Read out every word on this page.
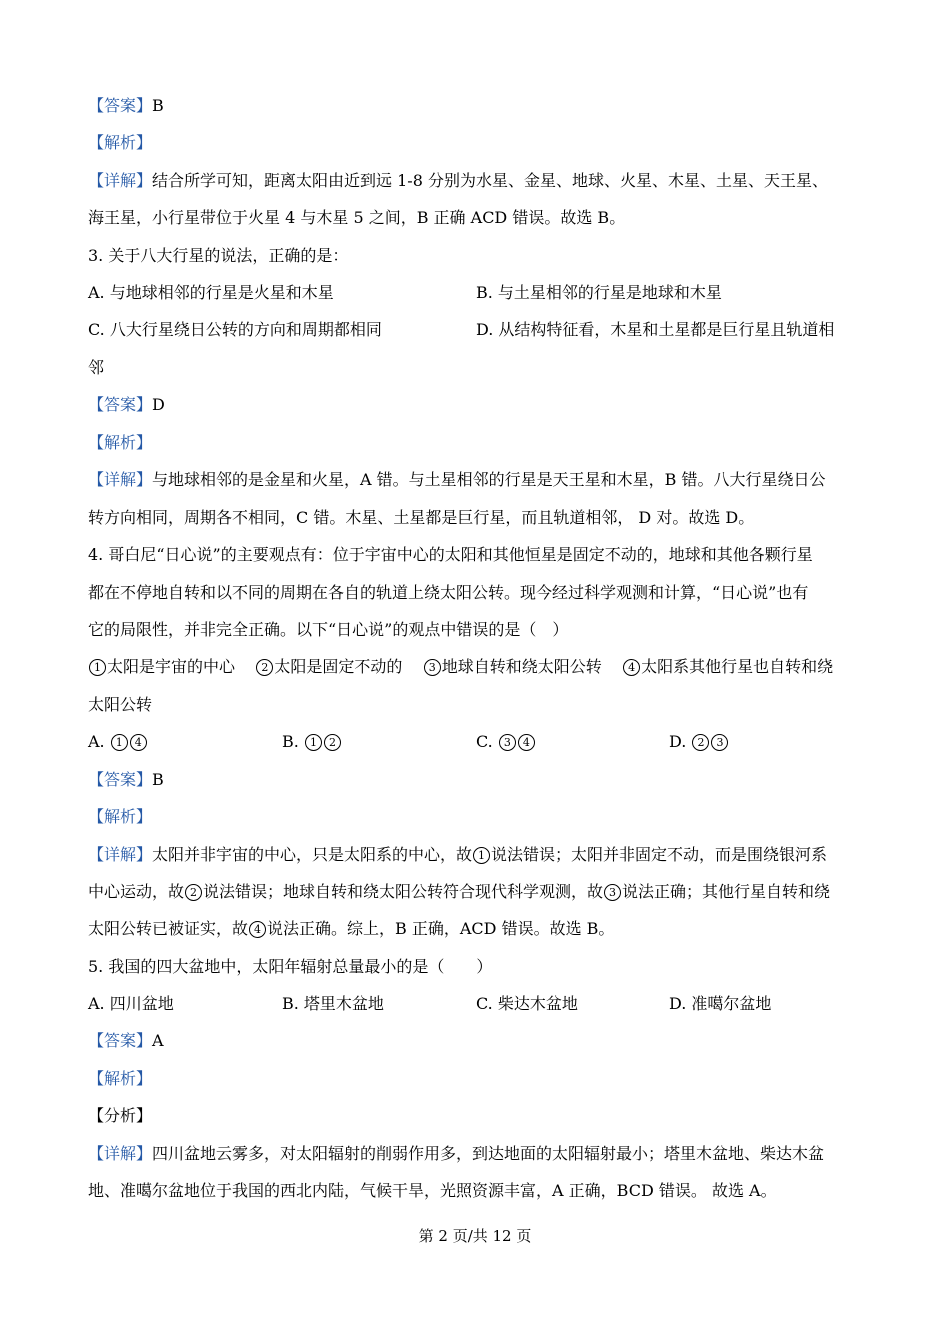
【答案】B
【解析】
【详解】结合所学可知，距离太阳由近到远 1-8 分别为水星、金星、地球、火星、木星、土星、天王星、
海王星，小行星带位于火星 4 与木星 5 之间，B 正确 ACD 错误。故选 B。
3. 关于八大行星的说法，正确的是：
A. 与地球相邻的行星是火星和木星	B. 与土星相邻的行星是地球和木星
C. 八大行星绕日公转的方向和周期都相同	D. 从结构特征看，木星和土星都是巨行星且轨道相
邻
【答案】D
【解析】
【详解】与地球相邻的是金星和火星，A 错。与土星相邻的行星是天王星和木星，B 错。八大行星绕日公
转方向相同，周期各不相同，C 错。木星、土星都是巨行星，而且轨道相邻， D 对。故选 D。
4. 哥白尼“日心说”的主要观点有：位于宇宙中心的太阳和其他恒星是固定不动的，地球和其他各颗行星
都在不停地自转和以不同的周期在各自的轨道上绕太阳公转。现今经过科学观测和计算，“日心说”也有
它的局限性，并非完全正确。以下“日心说”的观点中错误的是（　）
1 太阳是宇宙的中心 2 太阳是固定不动的 3 地球自转和绕太阳公转 4 太阳系其他行星也自转和绕
太阳公转
A. 1 4	B. 1 2	C. 3 4	D. 2 3
【答案】B
【解析】
【详解】太阳并非宇宙的中心，只是太阳系的中心，故 1 说法错误；太阳并非固定不动，而是围绕银河系
中心运动，故 2 说法错误；地球自转和绕太阳公转符合现代科学观测，故 3 说法正确；其他行星自转和绕
太阳公转已被证实，故 4 说法正确。综上，B 正确，ACD 错误。故选 B。
5. 我国的四大盆地中，太阳年辐射总量最小的是（　　）
A. 四川盆地	B. 塔里木盆地	C. 柴达木盆地	D. 准噶尔盆地
【答案】A
【解析】
【分析】
【详解】四川盆地云雾多，对太阳辐射的削弱作用多，到达地面的太阳辐射最小；塔里木盆地、柴达木盆
地、准噶尔盆地位于我国的西北内陆，气候干旱，光照资源丰富，A 正确，BCD 错误。 故选 A。
第 2 页/共 12 页
